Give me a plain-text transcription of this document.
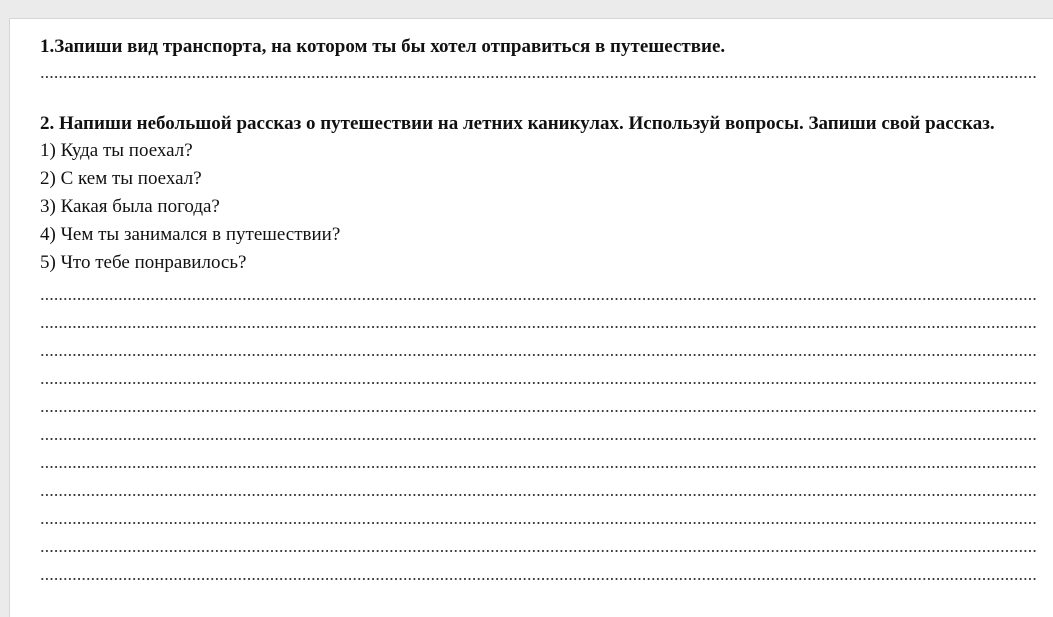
1.Запиши вид транспорта, на котором ты бы хотел отправиться в путешествие.

2. Напиши небольшой рассказ о путешествии на летних каникулах. Используй вопросы. Запиши свой рассказ.

1) Куда ты поехал?
2) С кем ты поехал?
3) Какая была погода?
4) Чем ты занимался в путешествии?
5) Что тебе понравилось?
